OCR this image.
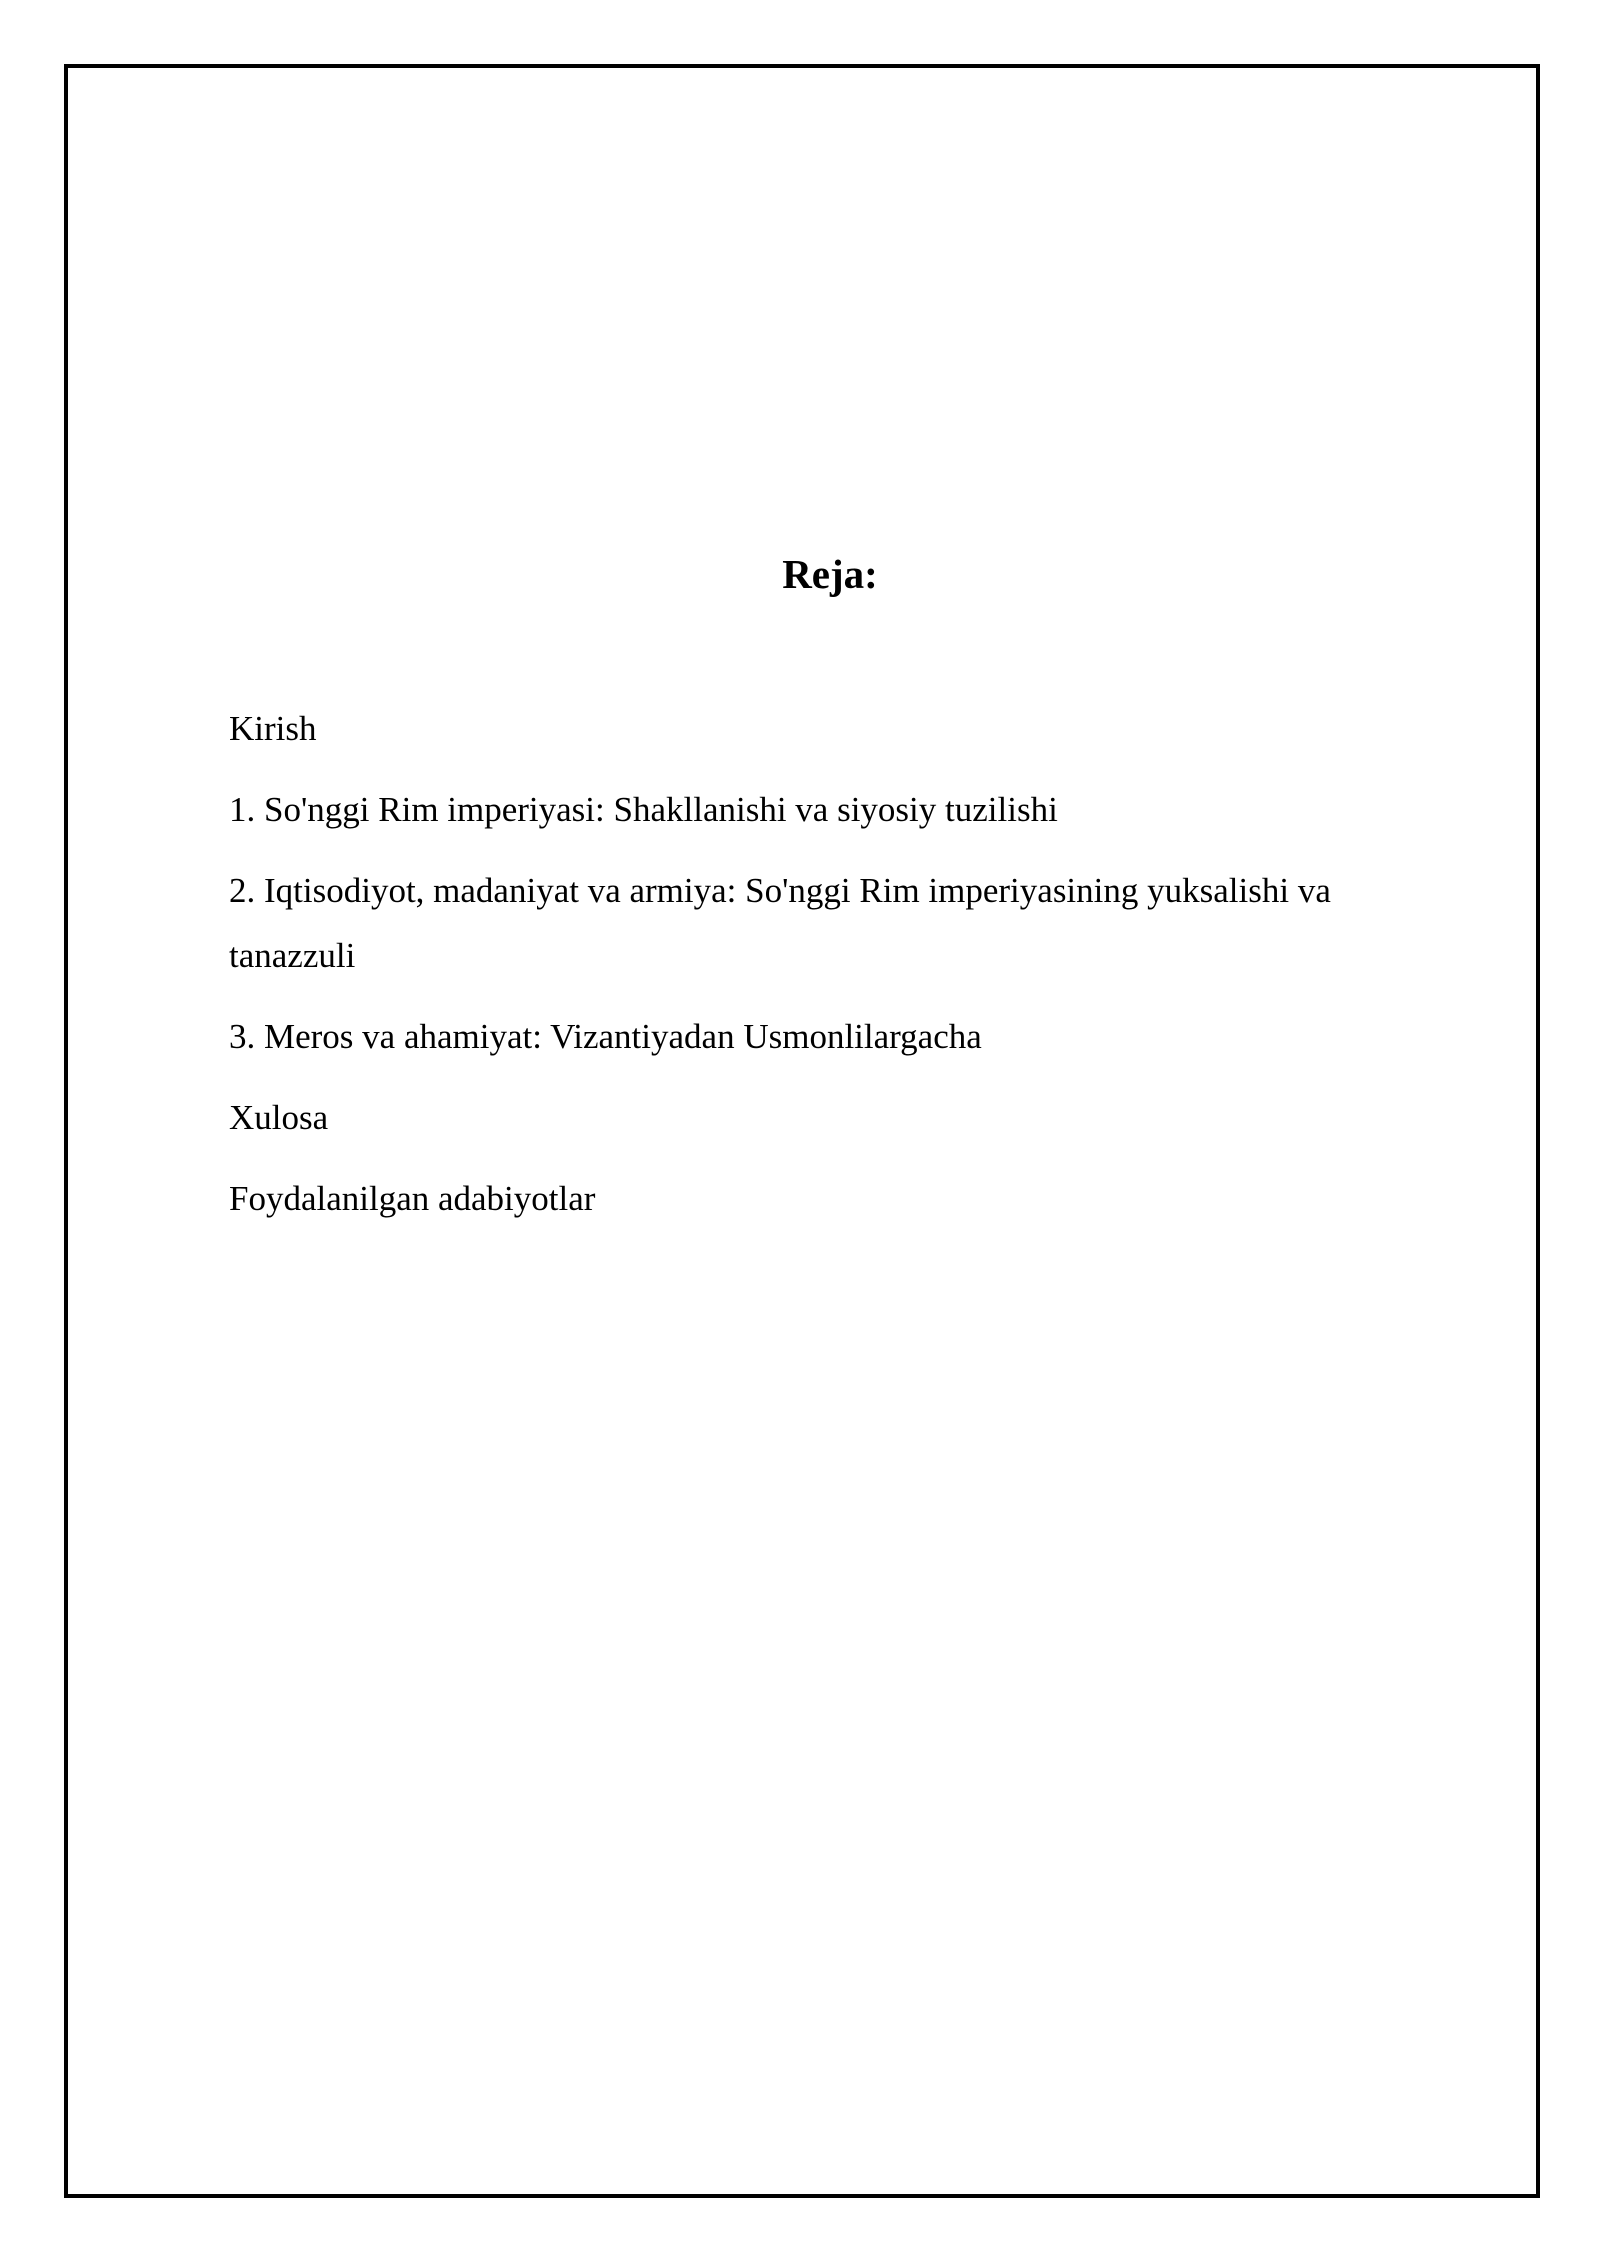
Reja:
Kirish
1. So'nggi Rim imperiyasi: Shakllanishi va siyosiy tuzilishi
2. Iqtisodiyot, madaniyat va armiya: So'nggi Rim imperiyasining yuksalishi va tanazzuli
3. Meros va ahamiyat: Vizantiyadan Usmonlilargacha
Xulosa
Foydalanilgan adabiyotlar
